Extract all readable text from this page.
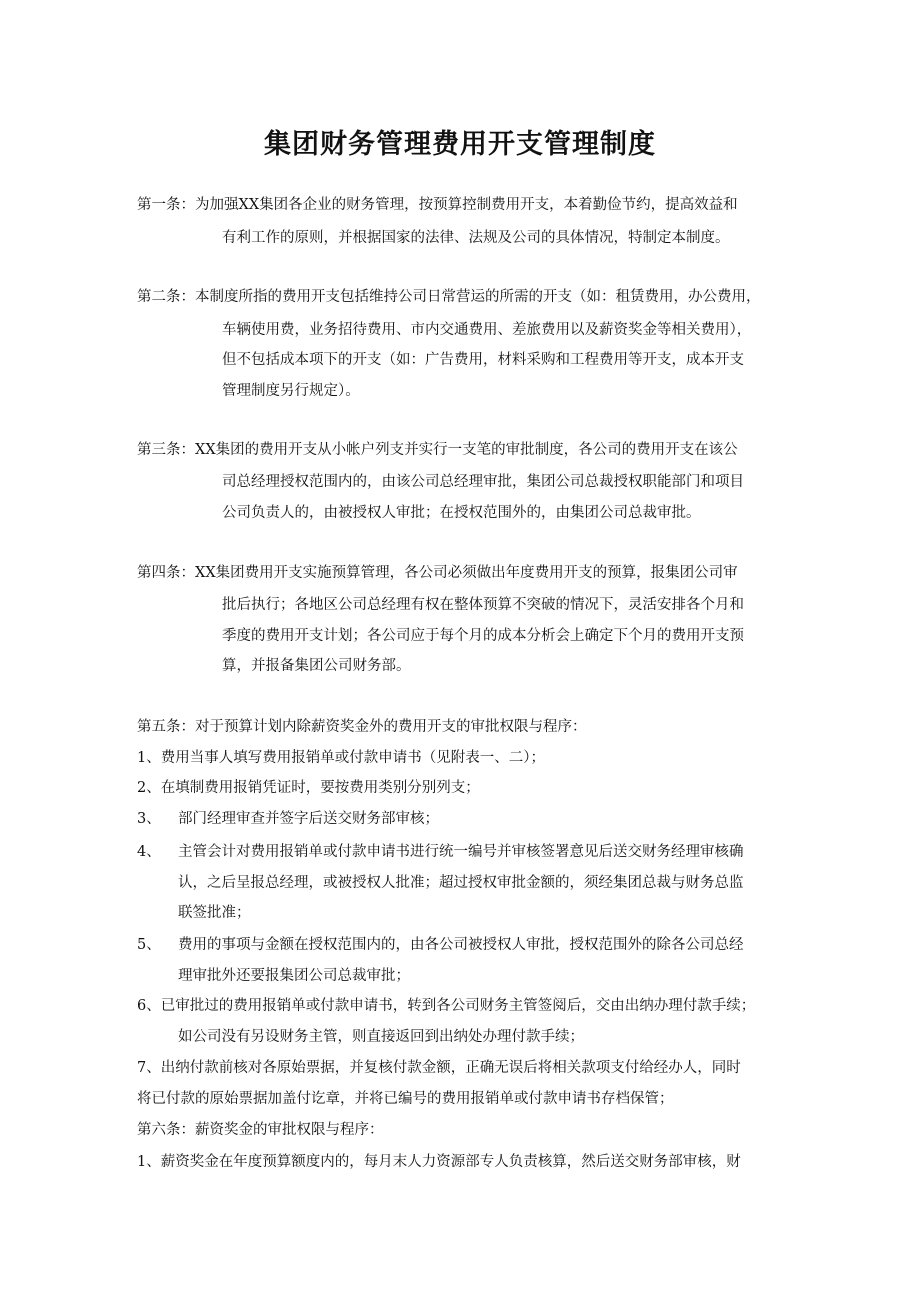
集团财务管理费用开支管理制度

第一条：为加强XX集团各企业的财务管理，按预算控制费用开支，本着勤俭节约，提高效益和

有利工作的原则，并根据国家的法律、法规及公司的具体情况，特制定本制度。

第二条：本制度所指的费用开支包括维持公司日常营运的所需的开支（如：租赁费用，办公费用，

车辆使用费，业务招待费用、市内交通费用、差旅费用以及薪资奖金等相关费用），

但不包括成本项下的开支（如：广告费用，材料采购和工程费用等开支，成本开支

管理制度另行规定）。

第三条：XX集团的费用开支从小帐户列支并实行一支笔的审批制度，各公司的费用开支在该公

司总经理授权范围内的，由该公司总经理审批，集团公司总裁授权职能部门和项目

公司负责人的，由被授权人审批；在授权范围外的，由集团公司总裁审批。

第四条：XX集团费用开支实施预算管理，各公司必须做出年度费用开支的预算，报集团公司审

批后执行；各地区公司总经理有权在整体预算不突破的情况下，灵活安排各个月和

季度的费用开支计划；各公司应于每个月的成本分析会上确定下个月的费用开支预

算，并报备集团公司财务部。

第五条：对于预算计划内除薪资奖金外的费用开支的审批权限与程序：

1、费用当事人填写费用报销单或付款申请书（见附表一、二）；

2、在填制费用报销凭证时，要按费用类别分别列支；

3、 部门经理审查并签字后送交财务部审核；

4、 主管会计对费用报销单或付款申请书进行统一编号并审核签署意见后送交财务经理审核确

认，之后呈报总经理，或被授权人批准；超过授权审批金额的，须经集团总裁与财务总监

联签批准；

5、 费用的事项与金额在授权范围内的，由各公司被授权人审批，授权范围外的除各公司总经

理审批外还要报集团公司总裁审批；

6、已审批过的费用报销单或付款申请书，转到各公司财务主管签阅后，交由出纳办理付款手续；

如公司没有另设财务主管，则直接返回到出纳处办理付款手续；

7、出纳付款前核对各原始票据，并复核付款金额，正确无误后将相关款项支付给经办人，同时

将已付款的原始票据加盖付讫章，并将已编号的费用报销单或付款申请书存档保管；

第六条：薪资奖金的审批权限与程序：

1、薪资奖金在年度预算额度内的，每月末人力资源部专人负责核算，然后送交财务部审核，财
